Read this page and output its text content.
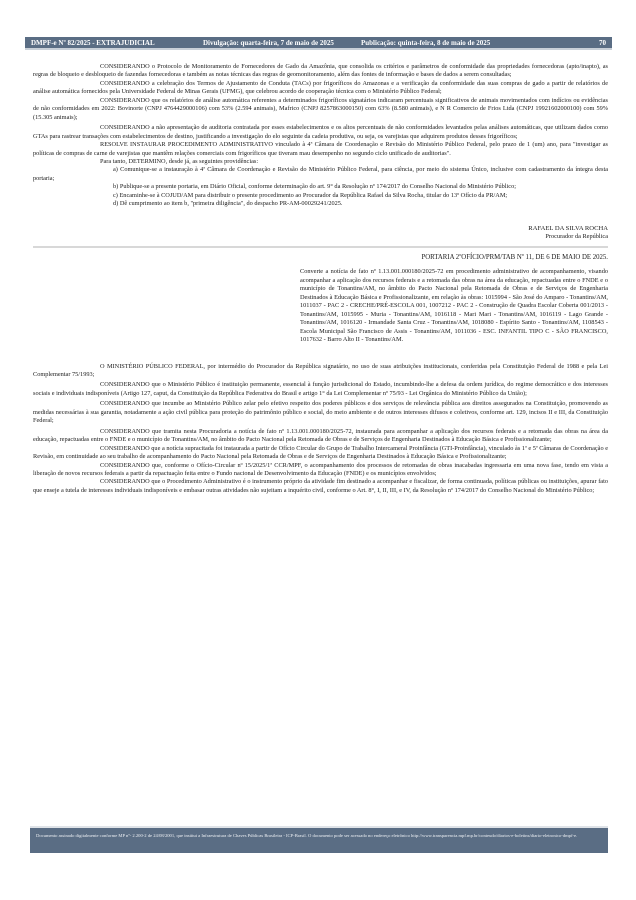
DMPF-e Nº 82/2025 - EXTRAJUDICIAL	Divulgação: quarta-feira, 7 de maio de 2025	Publicação: quinta-feira, 8 de maio de 2025	70

CONSIDERANDO o Protocolo de Monitoramento de Fornecedores de Gado da Amazônia, que consolida os critérios e parâmetros de conformidade das propriedades fornecedoras (apto/inapto), as regras de bloqueio e desbloqueio de fazendas fornecedoras e também as notas técnicas das regras de geomonitoramento, além das fontes de informação e bases de dados a serem consultadas;

CONSIDERANDO a celebração dos Termos de Ajustamento de Conduta (TACs) por frigoríficos do Amazonas e a verificação da conformidade das suas compras de gado a partir de relatórios de análise automática fornecidos pela Universidade Federal de Minas Gerais (UFMG), que celebrou acordo de cooperação técnica com o Ministério Público Federal;

CONSIDERANDO que os relatórios de análise automática referentes a determinados frigoríficos signatários indicaram percentuais significativos de animais movimentados com indícios ou evidências de não conformidades em 2022: Bovinorte (CNPJ 4764429000106) com 53% (2.594 animais), Mafrico (CNPJ 8257863000150) com 63% (8.580 animais), e N R Comercio de Frios Ltda (CNPJ 19921602000100) com 59% (15.305 animais);

CONSIDERANDO a não apresentação de auditoria contratada por esses estabelecimentos e os altos percentuais de não conformidades levantados pelas análises automáticas, que utilizam dados como GTAs para rastrear transações com estabelecimentos de destino, justificando a investigação do elo seguinte da cadeia produtiva, ou seja, os varejistas que adquirem produtos desses frigoríficos;

RESOLVE INSTAURAR PROCEDIMENTO ADMINISTRATIVO vinculado à 4ª Câmara de Coordenação e Revisão do Ministério Público Federal, pelo prazo de 1 (um) ano, para "investigar as políticas de compras de carne de varejistas que mantêm relações comerciais com frigoríficos que tiveram mau desempenho no segundo ciclo unificado de auditorias".

Para tanto, DETERMINO, desde já, as seguintes providências:

a) Comunique-se a instauração à 4ª Câmara de Coordenação e Revisão do Ministério Público Federal, para ciência, por meio do sistema Único, inclusive com cadastramento da íntegra desta portaria;

b) Publique-se a presente portaria, em Diário Oficial, conforme determinação do art. 9° da Resolução nº 174/2017 do Conselho Nacional do Ministério Público;

c) Encaminhe-se à COJUD/AM para distribuir o presente procedimento ao Procurador da República Rafael da Silva Rocha, titular do 13º Ofício da PR/AM;

d) Dê cumprimento ao item b, "primeira diligência", do despacho PR-AM-00029241/2025.

RAFAEL DA SILVA ROCHA
Procurador da República
PORTARIA 2ºOFÍCIO/PRM/TAB Nº 11, DE 6 DE MAIO DE 2025.

Converte a notícia de fato nº 1.13.001.000180/2025-72 em procedimento administrativo de acompanhamento, visando acompanhar a aplicação dos recursos federais e a retomada das obras na área da educação, repactuadas entre o FNDE e o município de Tonantins/AM, no âmbito do Pacto Nacional pela Retomada de Obras e de Serviços de Engenharia Destinados à Educação Básica e Profissionalizante, em relação às obras: 1015994 - São José do Amparo - Tonantins/AM, 1011037 - PAC 2 - CRECHE/PRÉ-ESCOLA 001, 1007212 - PAC 2 - Construção de Quadra Escolar Coberta 001/2013 - Tonantins/AM, 1015995 - Muria - Tonantins/AM, 1016118 - Mari Mari - Tonantins/AM, 1016119 - Lago Grande - Tonantins/AM, 1016120 - Irmandade Santa Cruz - Tonantins/AM, 1018080 - Espírito Santo - Tonantins/AM, 1108543 - Escola Municipal São Francisco de Assis - Tonantins/AM, 1011036 - ESC. INFANTIL TIPO C - SÃO FRANCISCO, 1017632 - Barro Alto II - Tonantins/AM.

O MINISTÉRIO PÚBLICO FEDERAL, por intermédio do Procurador da República signatário, no uso de suas atribuições institucionais, conferidas pela Constituição Federal de 1988 e pela Lei Complementar 75/1993;

CONSIDERANDO que o Ministério Público é instituição permanente, essencial à função jurisdicional do Estado, incumbindo-lhe a defesa da ordem jurídica, do regime democrático e dos interesses sociais e individuais indisponíveis (Artigo 127, caput, da Constituição da República Federativa do Brasil e artigo 1° da Lei Complementar nº 75/93 - Lei Orgânica do Ministério Público da União);

CONSIDERANDO que incumbe ao Ministério Público zelar pelo efetivo respeito dos poderes públicos e dos serviços de relevância pública aos direitos assegurados na Constituição, promovendo as medidas necessárias à sua garantia, notadamente a ação civil pública para proteção do patrimônio público e social, do meio ambiente e de outros interesses difusos e coletivos, conforme art. 129, incisos II e III, da Constituição Federal;

CONSIDERANDO que tramita nesta Procuradoria a notícia de fato nº 1.13.001.000180/2025-72, instaurada para acompanhar a aplicação dos recursos federais e a retomada das obras na área da educação, repactuadas entre o FNDE e o município de Tonantins/AM, no âmbito do Pacto Nacional pela Retomada de Obras e de Serviços de Engenharia Destinados à Educação Básica e Profissionalizante;

CONSIDERANDO que a notícia supracitada foi instaurada a partir de Ofício Circular do Grupo de Trabalho Intercameral Proinfância (GTI-Proinfância), vinculado às 1ª e 5ª Câmaras de Coordenação e Revisão, em continuidade ao seu trabalho de acompanhamento do Pacto Nacional pela Retomada de Obras e de Serviços de Engenharia Destinados à Educação Básica e Profissionalizante;

CONSIDERANDO que, conforme o Ofício-Circular nº 15/2025/1ª CCR/MPF, o acompanhamento dos processos de retomadas de obras inacabadas ingressaria em uma nova fase, tendo em vista a liberação de novos recursos federais a partir da repactuação feita entre o Fundo nacional de Desenvolvimento da Educação (FNDE) e os municípios envolvidos;

CONSIDERANDO que o Procedimento Administrativo é o instrumento próprio da atividade fim destinado a acompanhar e fiscalizar, de forma continuada, políticas públicas ou instituições, apurar fato que enseje a tutela de interesses individuais indisponíveis e embasar outras atividades não sujeitam a inquérito civil, conforme o Art. 8°, I, II, III, e IV, da Resolução nº 174/2017 do Conselho Nacional do Ministério Público;

Documento assinado digitalmente conforme MP nº- 2.200-2 de 24/08/2001, que institui a Infraestrutura de Chaves Públicas Brasileira - ICP-Brasil. O documento pode ser acessado no endereço eletrônico http://www.transparencia.mpf.mp.br/conteudo/diarios-e-boletins/diario-eletronico-dmpf-e.
